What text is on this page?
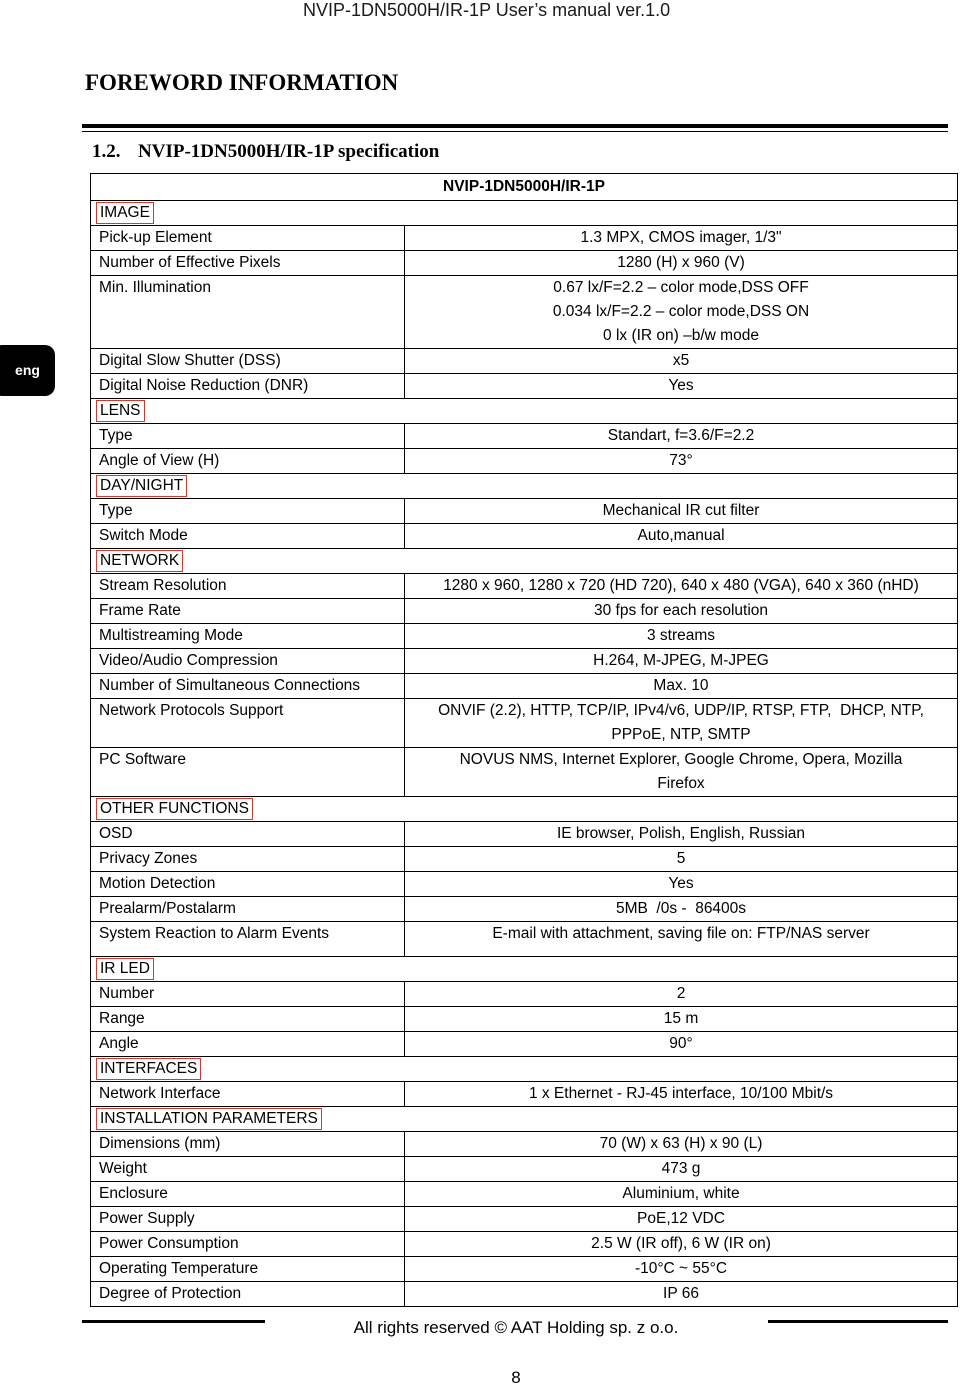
NVIP-1DN5000H/IR-1P User’s manual ver.1.0
eng
FOREWORD INFORMATION
1.2. NVIP-1DN5000H/IR-1P specification
NVIP-1DN5000H/IR-1P
IMAGE
Pick-up Element	1.3 MPX, CMOS imager, 1/3"
Number of Effective Pixels	1280 (H) x 960 (V)
Min. Illumination	0.67 lx/F=2.2 – color mode,DSS OFF
0.034 lx/F=2.2 – color mode,DSS ON
0 lx (IR on) –b/w mode
Digital Slow Shutter (DSS)	x5
Digital Noise Reduction (DNR)	Yes
LENS
Type	Standart, f=3.6/F=2.2
Angle of View (H)	73°
DAY/NIGHT
Type	Mechanical IR cut filter
Switch Mode	Auto,manual
NETWORK
Stream Resolution	1280 x 960, 1280 x 720 (HD 720), 640 x 480 (VGA), 640 x 360 (nHD)
Frame Rate	30 fps for each resolution
Multistreaming Mode	3 streams
Video/Audio Compression	H.264, M-JPEG, M-JPEG
Number of Simultaneous Connections	Max. 10
Network Protocols Support	ONVIF (2.2), HTTP, TCP/IP, IPv4/v6, UDP/IP, RTSP, FTP,  DHCP, NTP,
PPPoE, NTP, SMTP
PC Software	NOVUS NMS, Internet Explorer, Google Chrome, Opera, Mozilla
Firefox
OTHER FUNCTIONS
OSD	IE browser, Polish, English, Russian
Privacy Zones	5
Motion Detection	Yes
Prealarm/Postalarm	5MB  /0s -  86400s
System Reaction to Alarm Events	E-mail with attachment, saving file on: FTP/NAS server
IR LED
Number	2
Range	15 m
Angle	90°
INTERFACES
Network Interface	1 x Ethernet - RJ-45 interface, 10/100 Mbit/s
INSTALLATION PARAMETERS
Dimensions (mm)	70 (W) x 63 (H) x 90 (L)
Weight	473 g
Enclosure	Aluminium, white
Power Supply	PoE,12 VDC
Power Consumption	2.5 W (IR off), 6 W (IR on)
Operating Temperature	-10°C ~ 55°C
Degree of Protection	IP 66
All rights reserved © AAT Holding sp. z o.o.
8
